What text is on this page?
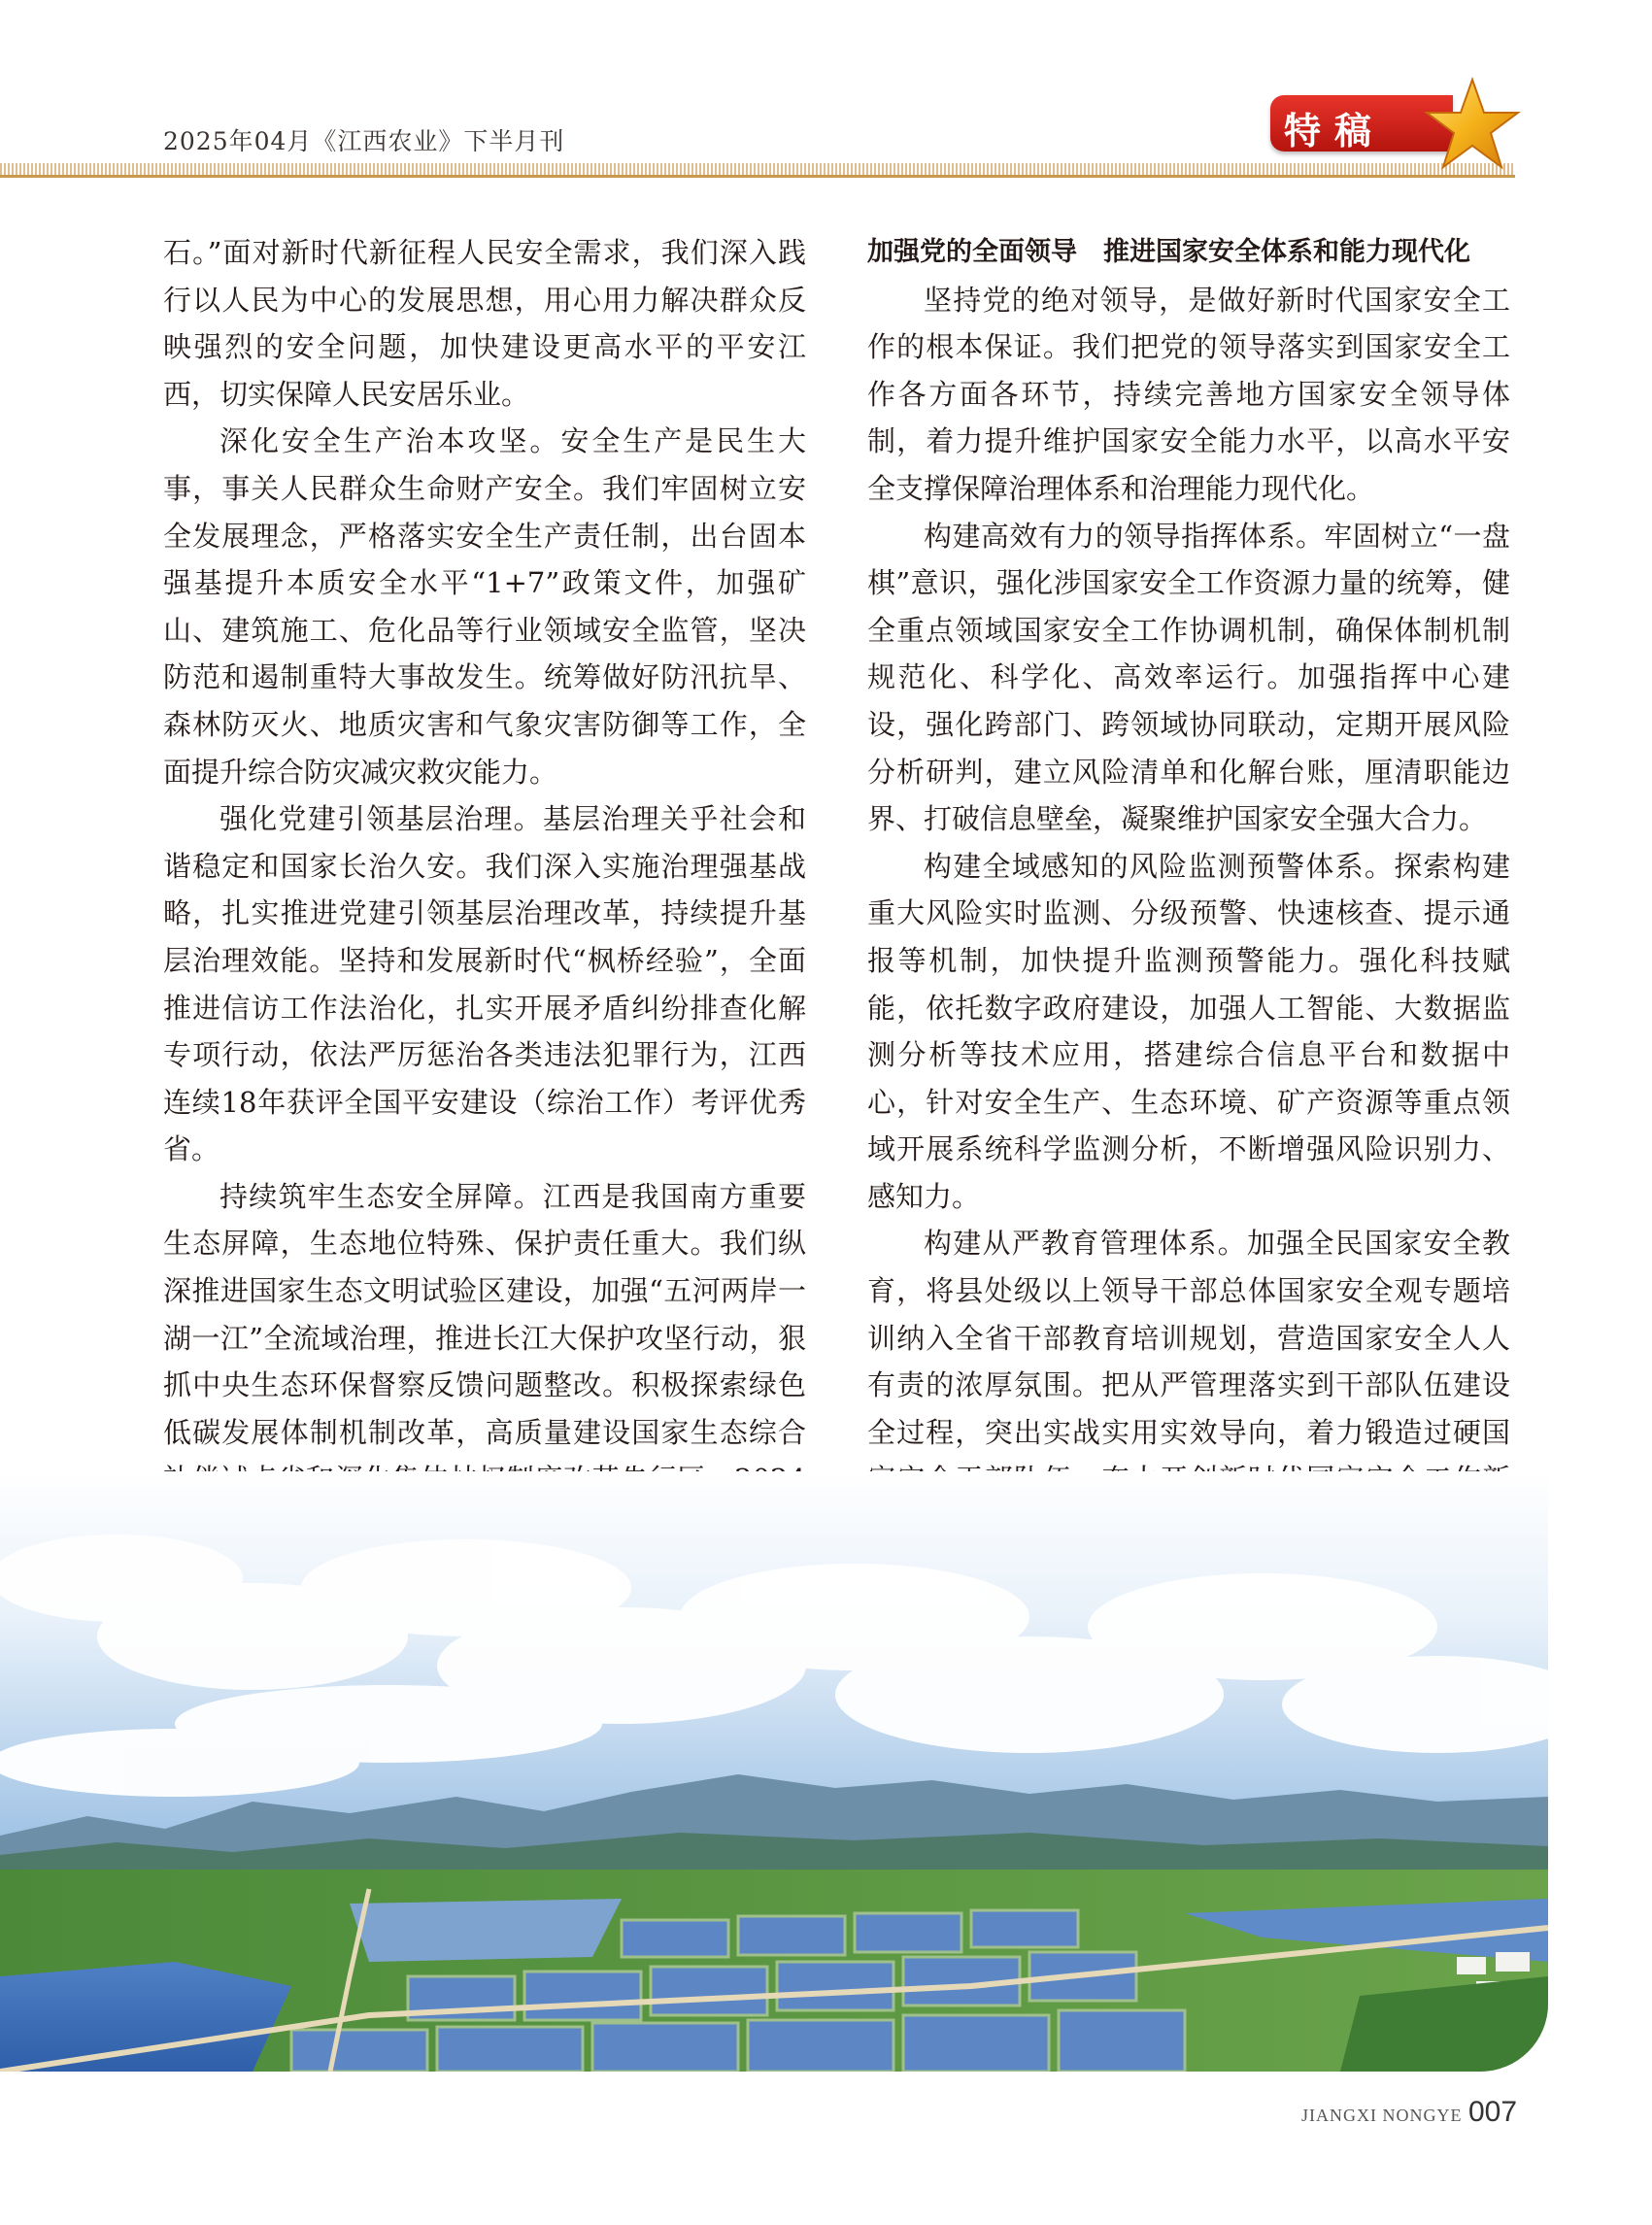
2025年04月《江西农业》下半月刊	特稿

石。”面对新时代新征程人民安全需求，我们深入践行以人民为中心的发展思想，用心用力解决群众反映强烈的安全问题，加快建设更高水平的平安江西，切实保障人民安居乐业。

深化安全生产治本攻坚。安全生产是民生大事，事关人民群众生命财产安全。我们牢固树立安全发展理念，严格落实安全生产责任制，出台固本强基提升本质安全水平“1+7”政策文件，加强矿山、建筑施工、危化品等行业领域安全监管，坚决防范和遏制重特大事故发生。统筹做好防汛抗旱、森林防灭火、地质灾害和气象灾害防御等工作，全面提升综合防灾减灾救灾能力。

强化党建引领基层治理。基层治理关乎社会和谐稳定和国家长治久安。我们深入实施治理强基战略，扎实推进党建引领基层治理改革，持续提升基层治理效能。坚持和发展新时代“枫桥经验”，全面推进信访工作法治化，扎实开展矛盾纠纷排查化解专项行动，依法严厉惩治各类违法犯罪行为，江西连续18年获评全国平安建设（综治工作）考评优秀省。

持续筑牢生态安全屏障。江西是我国南方重要生态屏障，生态地位特殊、保护责任重大。我们纵深推进国家生态文明试验区建设，加强“五河两岸一湖一江”全流域治理，推进长江大保护攻坚行动，狠抓中央生态环保督察反馈问题整改。积极探索绿色低碳发展体制机制改革，高质量建设国家生态综合

加强党的全面领导　推进国家安全体系和能力现代化

坚持党的绝对领导，是做好新时代国家安全工作的根本保证。我们把党的领导落实到国家安全工作各方面各环节，持续完善地方国家安全领导体制，着力提升维护国家安全能力水平，以高水平安全支撑保障治理体系和治理能力现代化。

构建高效有力的领导指挥体系。牢固树立“一盘棋”意识，强化涉国家安全工作资源力量的统筹，健全重点领域国家安全工作协调机制，确保体制机制规范化、科学化、高效率运行。加强指挥中心建设，强化跨部门、跨领域协同联动，定期开展风险分析研判，建立风险清单和化解台账，厘清职能边界、打破信息壁垒，凝聚维护国家安全强大合力。

构建全域感知的风险监测预警体系。探索构建重大风险实时监测、分级预警、快速核查、提示通报等机制，加快提升监测预警能力。强化科技赋能，依托数字政府建设，加强人工智能、大数据监测分析等技术应用，搭建综合信息平台和数据中心，针对安全生产、生态环境、矿产资源等重点领域开展系统科学监测分析，不断增强风险识别力、感知力。

构建从严教育管理体系。加强全民国家安全教育，将县处级以上领导干部总体国家安全观专题培训纳入全省干部教育培训规划，营造国家安全人人有责的浓厚氛围。把从严管理落实到干部队伍建设全过程，突出实战实用实效导向，着力锻造过硬国

JIANGXI NONGYE 007
